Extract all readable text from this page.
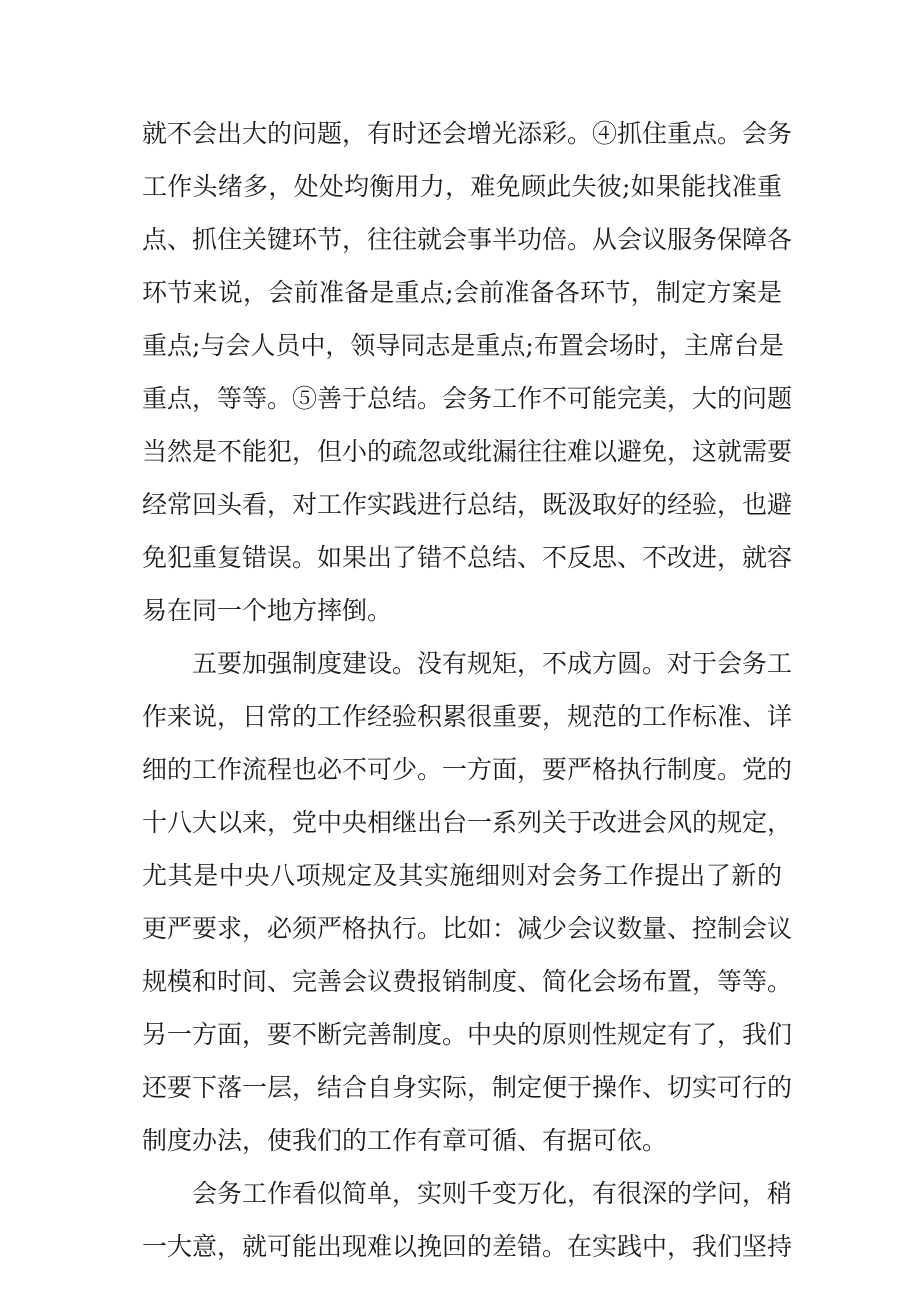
就不会出大的问题，有时还会增光添彩。④抓住重点。会务
工作头绪多，处处均衡用力，难免顾此失彼;如果能找准重
点、抓住关键环节，往往就会事半功倍。从会议服务保障各
环节来说，会前准备是重点;会前准备各环节，制定方案是
重点;与会人员中，领导同志是重点;布置会场时，主席台是
重点，等等。⑤善于总结。会务工作不可能完美，大的问题
当然是不能犯，但小的疏忽或纰漏往往难以避免，这就需要
经常回头看，对工作实践进行总结，既汲取好的经验，也避
免犯重复错误。如果出了错不总结、不反思、不改进，就容
易在同一个地方摔倒。
五要加强制度建设。没有规矩，不成方圆。对于会务工
作来说，日常的工作经验积累很重要，规范的工作标准、详
细的工作流程也必不可少。一方面，要严格执行制度。党的
十八大以来，党中央相继出台一系列关于改进会风的规定，
尤其是中央八项规定及其实施细则对会务工作提出了新的
更严要求，必须严格执行。比如：减少会议数量、控制会议
规模和时间、完善会议费报销制度、简化会场布置，等等。
另一方面，要不断完善制度。中央的原则性规定有了，我们
还要下落一层，结合自身实际，制定便于操作、切实可行的
制度办法，使我们的工作有章可循、有据可依。
会务工作看似简单，实则千变万化，有很深的学问，稍
一大意，就可能出现难以挽回的差错。在实践中，我们坚持
